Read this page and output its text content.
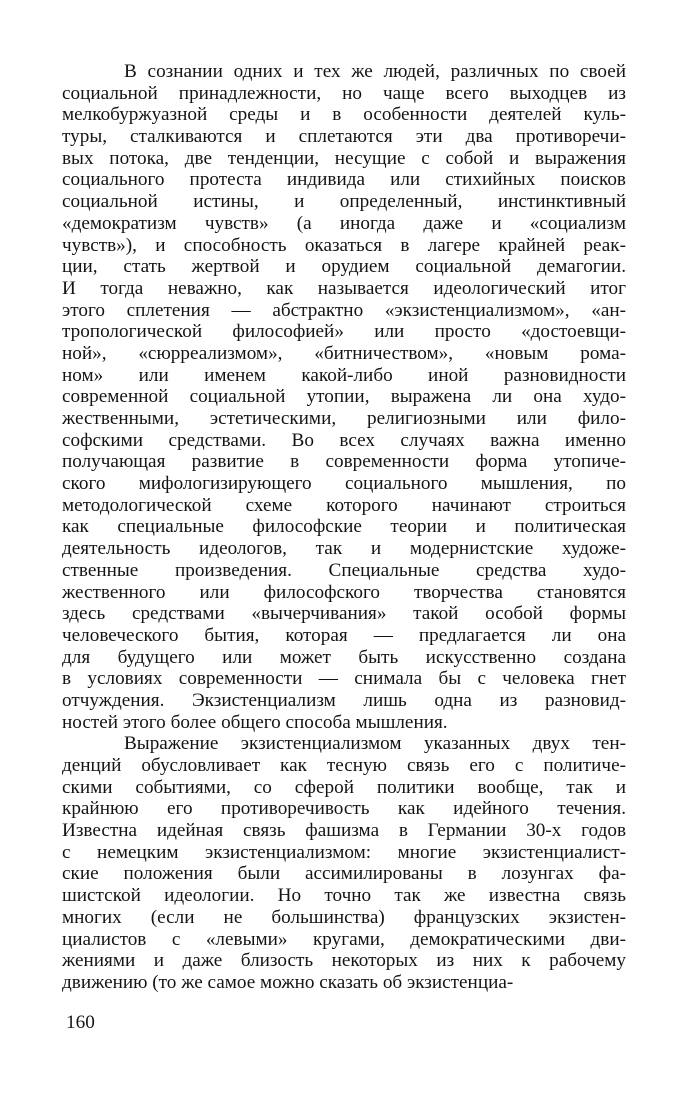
В сознании одних и тех же людей, различных по своей
социальной принадлежности, но чаще всего выходцев из
мелкобуржуазной среды и в особенности деятелей куль-
туры, сталкиваются и сплетаются эти два противоречи-
вых потока, две тенденции, несущие с собой и выражения
социального протеста индивида или стихийных поисков
социальной истины, и определенный, инстинктивный
«демократизм чувств» (а иногда даже и «социализм
чувств»), и способность оказаться в лагере крайней реак-
ции, стать жертвой и орудием социальной демагогии.
И тогда неважно, как называется идеологический итог
этого сплетения — абстрактно «экзистенциализмом», «ан-
тропологической философией» или просто «достоевщи-
ной», «сюрреализмом», «битничеством», «новым рома-
ном» или именем какой-либо иной разновидности
современной социальной утопии, выражена ли она худо-
жественными, эстетическими, религиозными или фило-
софскими средствами. Во всех случаях важна именно
получающая развитие в современности форма утопиче-
ского мифологизирующего социального мышления, по
методологической схеме которого начинают строиться
как специальные философские теории и политическая
деятельность идеологов, так и модернистские художе-
ственные произведения. Специальные средства худо-
жественного или философского творчества становятся
здесь средствами «вычерчивания» такой особой формы
человеческого бытия, которая — предлагается ли она
для будущего или может быть искусственно создана
в условиях современности — снимала бы с человека гнет
отчуждения. Экзистенциализм лишь одна из разновид-
ностей этого более общего способа мышления.
Выражение экзистенциализмом указанных двух тен-
денций обусловливает как тесную связь его с политиче-
скими событиями, со сферой политики вообще, так и
крайнюю его противоречивость как идейного течения.
Известна идейная связь фашизма в Германии 30-х годов
с немецким экзистенциализмом: многие экзистенциалист-
ские положения были ассимилированы в лозунгах фа-
шистской идеологии. Но точно так же известна связь
многих (если не большинства) французских экзистен-
циалистов с «левыми» кругами, демократическими дви-
жениями и даже близость некоторых из них к рабочему
движению (то же самое можно сказать об экзистенциа-
160
